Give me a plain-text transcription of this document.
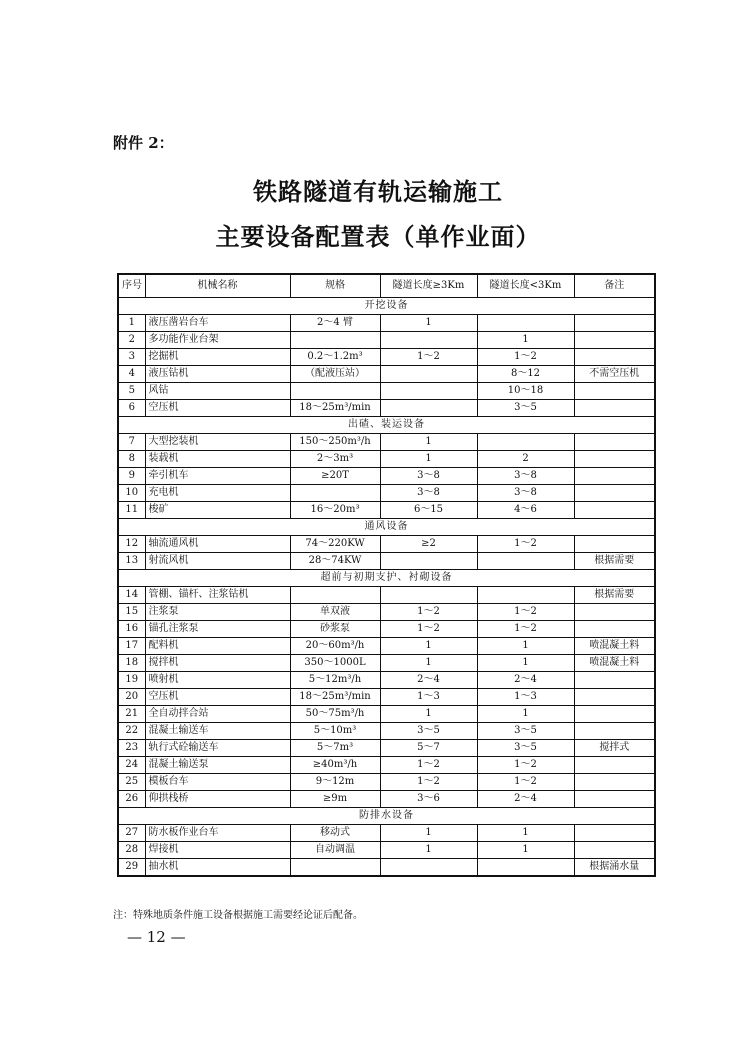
附件 2：
铁路隧道有轨运输施工
主要设备配置表（单作业面）
序号	机械名称	规格	隧道长度≥3Km	隧道长度<3Km	备注
开挖设备					
1	液压凿岩台车	2～4 臂	1		
2	多功能作业台架			1	
3	挖掘机	0.2～1.2m³	1～2	1～2	
4	液压钻机	（配液压站）		8～12	不需空压机
5	风钻			10～18	
6	空压机	18～25m³/min		3～5	
出碴、装运设备					
7	大型挖装机	150～250m³/h	1		
8	装载机	2～3m³	1	2	
9	牵引机车	≥20T	3～8	3～8	
10	充电机		3～8	3～8	
11	梭矿	16～20m³	6～15	4～6	
通风设备					
12	轴流通风机	74～220KW	≥2	1～2	
13	射流风机	28～74KW			根据需要
超前与初期支护、衬砌设备					
14	管棚、锚杆、注浆钻机				根据需要
15	注浆泵	单双液	1～2	1～2	
16	锚孔注浆泵	砂浆泵	1～2	1～2	
17	配料机	20～60m³/h	1	1	喷混凝土料
18	搅拌机	350～1000L	1	1	喷混凝土料
19	喷射机	5～12m³/h	2～4	2～4	
20	空压机	18～25m³/min	1～3	1～3	
21	全自动拌合站	50～75m³/h	1	1	
22	混凝土输送车	5～10m³	3～5	3～5	
23	轨行式砼输送车	5～7m³	5～7	3～5	搅拌式
24	混凝土输送泵	≥40m³/h	1～2	1～2	
25	模板台车	9～12m	1～2	1～2	
26	仰拱栈桥	≥9m	3～6	2～4	
防排水设备					
27	防水板作业台车	移动式	1	1	
28	焊接机	自动调温	1	1	
29	抽水机				根据涌水量
注：特殊地质条件施工设备根据施工需要经论证后配备。
— 12 —
